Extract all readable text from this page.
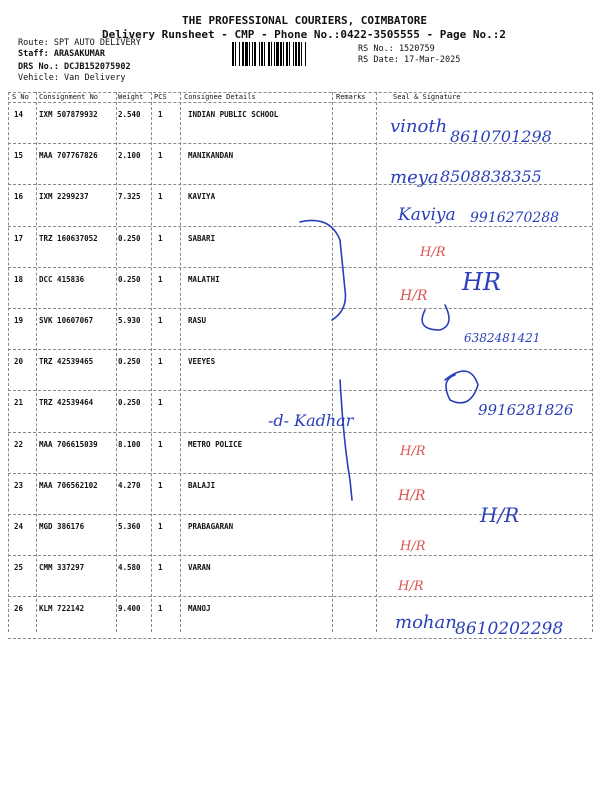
THE PROFESSIONAL COURIERS, COIMBATORE
Delivery Runsheet - CMP - Phone No.:0422-3505555 - Page No.:2
Route: SPT AUTO DELIVERY
Staff: ARASAKUMAR
DRS No.: DCJB152075902
Vehicle: Van Delivery
RS No.: 1520759
RS Date: 17-Mar-2025
S No Consignment No	Weight PCS Consignee Details	Remarks	Seal & Signature
14 IXM 507879932	2.540 1	INDIAN PUBLIC SCHOOL
15 MAA 707767826	2.100 1	MANIKANDAN
16 IXM 2299237	7.325 1	KAVIYA
17 TRZ 160637052	0.250 1	SABARI
18 DCC 415836	0.250 1	MALATHI
19 SVK 10607067	5.930 1	RASU
20 TRZ 42539465	0.250 1	VEEYES
21 TRZ 42539464	0.250 1
22 MAA 706615039	8.100 1	METRO POLICE
23 MAA 706562102	4.270 1	BALAJI
24 MGD 386176	5.360 1	PRABAGARAN
25 CMM 337297	4.580 1	VARAN
26 KLM 722142	9.400 1	MANOJ
vinoth 8610701298
meya 8508838355
Kaviya 9916270288
H/R
H/R HR
6382481421
-d- Kadhar
9916281826
H/R
H/R
H/R
H/R
H/R
mohan
8610202298
